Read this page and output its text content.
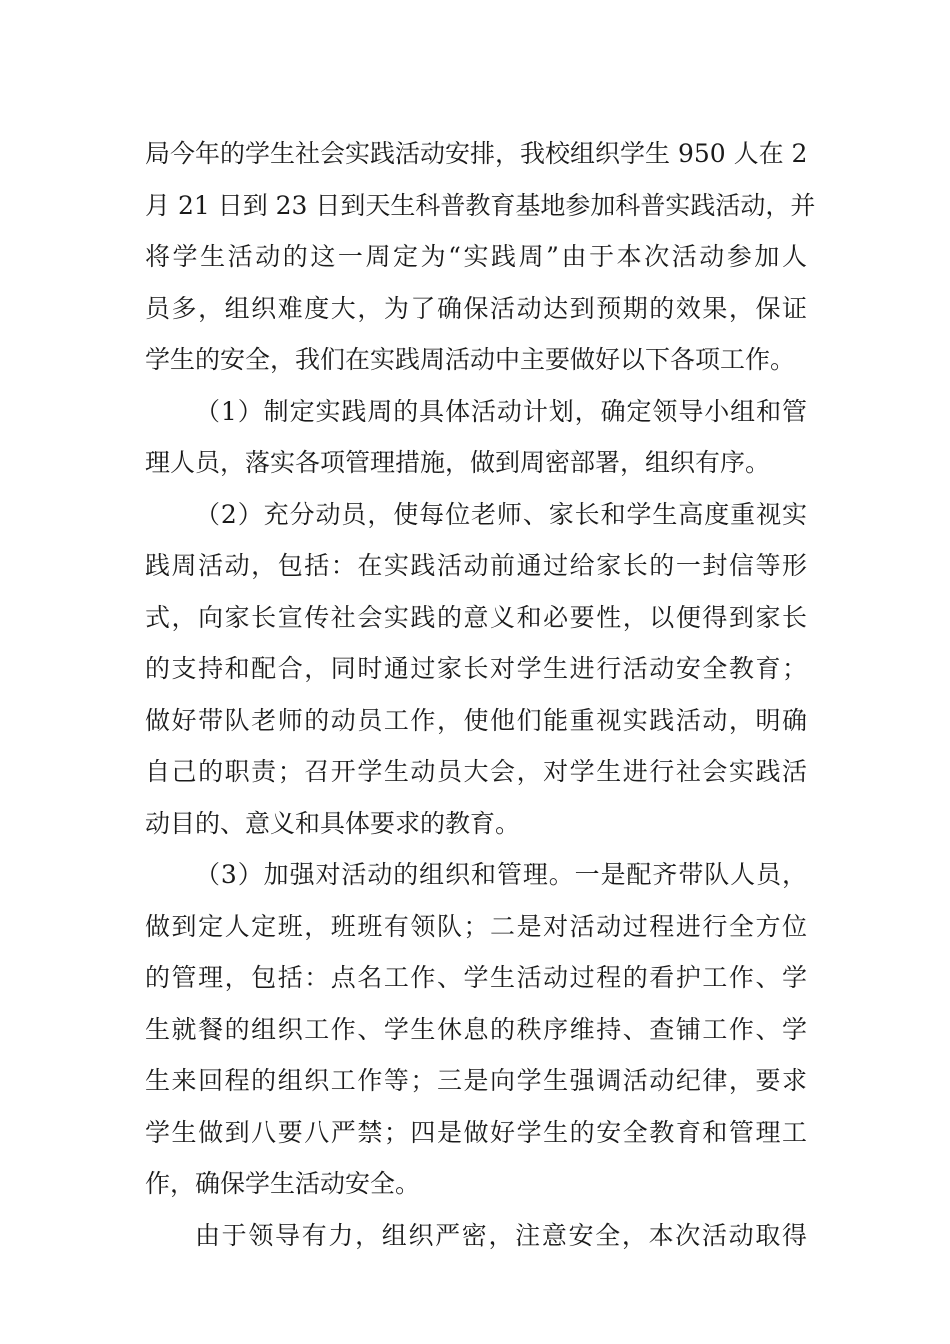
局今年的学生社会实践活动安排，我校组织学生 950 人在 2
月 21 日到 23 日到天生科普教育基地参加科普实践活动，并
将学生活动的这一周定为“实践周”由于本次活动参加人
员多，组织难度大，为了确保活动达到预期的效果，保证
学生的安全，我们在实践周活动中主要做好以下各项工作。

（1）制定实践周的具体活动计划，确定领导小组和管
理人员，落实各项管理措施，做到周密部署，组织有序。

（2）充分动员，使每位老师、家长和学生高度重视实
践周活动，包括：在实践活动前通过给家长的一封信等形
式，向家长宣传社会实践的意义和必要性，以便得到家长
的支持和配合，同时通过家长对学生进行活动安全教育；
做好带队老师的动员工作，使他们能重视实践活动，明确
自己的职责；召开学生动员大会，对学生进行社会实践活
动目的、意义和具体要求的教育。

（3）加强对活动的组织和管理。一是配齐带队人员，
做到定人定班，班班有领队；二是对活动过程进行全方位
的管理，包括：点名工作、学生活动过程的看护工作、学
生就餐的组织工作、学生休息的秩序维持、查铺工作、学
生来回程的组织工作等；三是向学生强调活动纪律，要求
学生做到八要八严禁；四是做好学生的安全教育和管理工
作，确保学生活动安全。

由于领导有力，组织严密，注意安全，本次活动取得
